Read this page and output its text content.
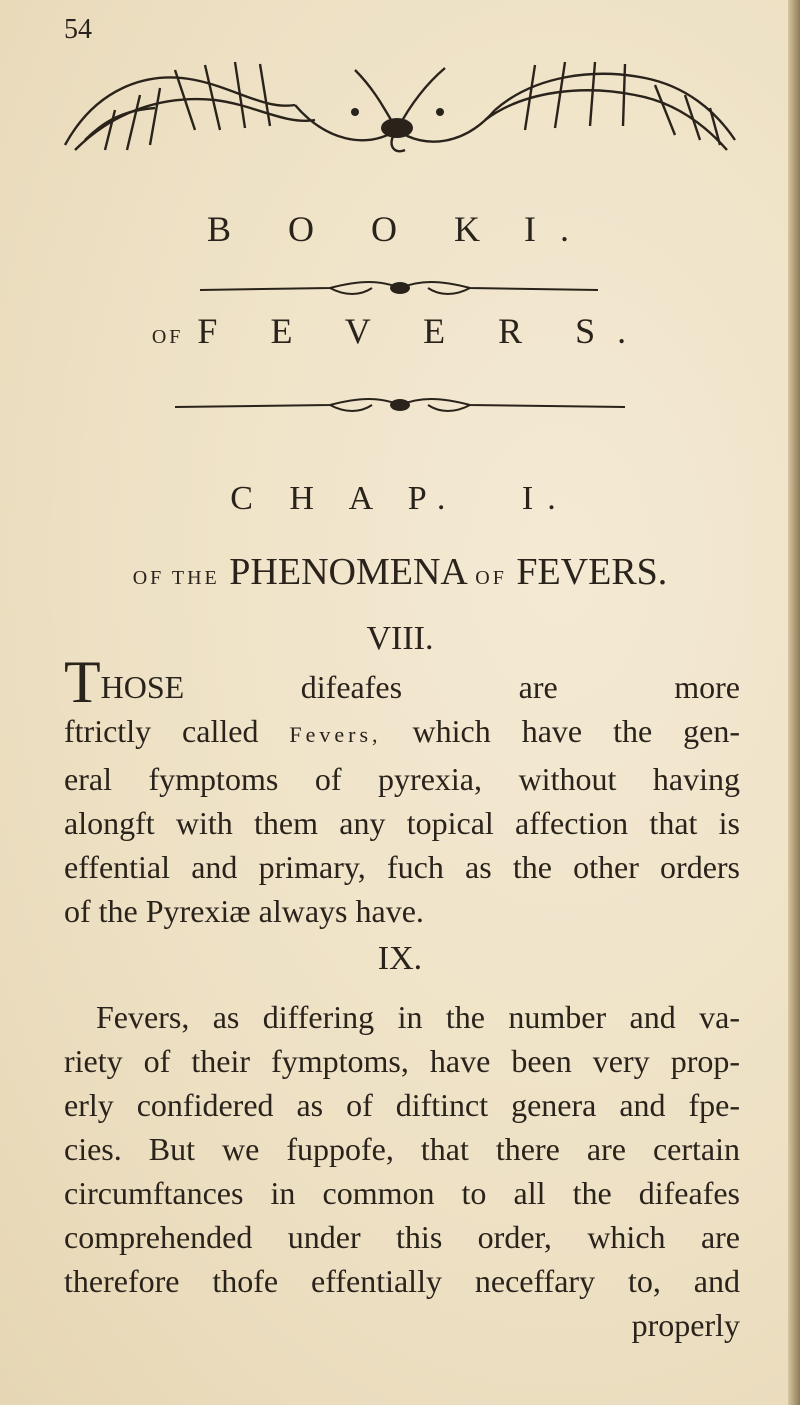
54
B O O K I.
OF F E V E R S.
C H A P. I.
OF THE PHENOMENA OF FEVERS.
VIII.
THOSE difeafes are more
ftrictly called Fevers, which have the gen-
eral fymptoms of pyrexia, without having
alongft with them any topical affection that is
effential and primary, fuch as the other orders
of the Pyrexiæ always have.
IX.
Fevers, as differing in the number and va-
riety of their fymptoms, have been very prop-
erly confidered as of diftinct genera and fpe-
cies. But we fuppofe, that there are certain
circumftances in common to all the difeafes
comprehended under this order, which are
therefore thofe effentially neceffary to, and
properly
